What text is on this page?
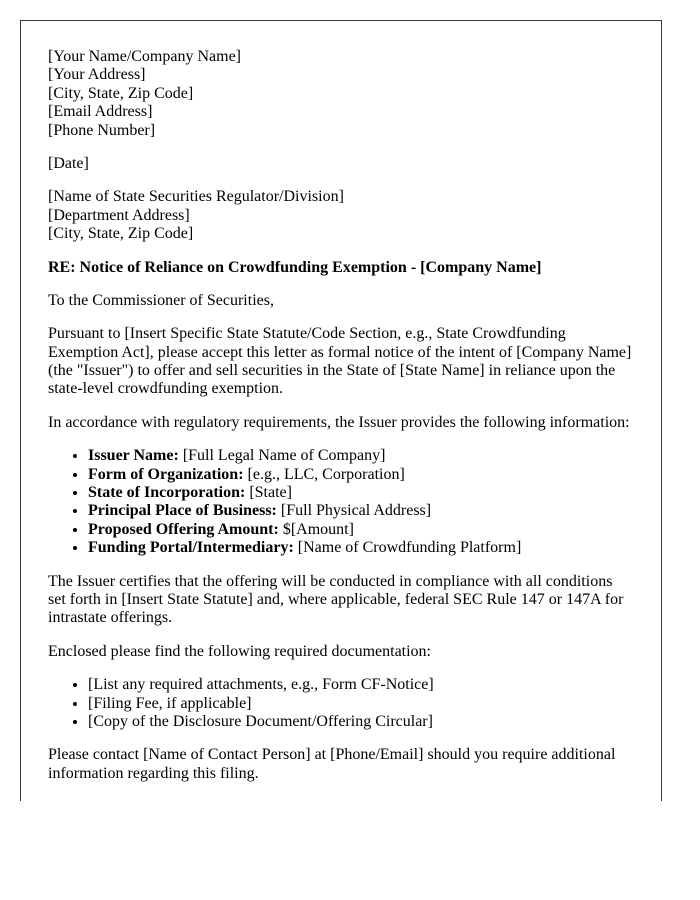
[Your Name/Company Name]
[Your Address]
[City, State, Zip Code]
[Email Address]
[Phone Number]

[Date]

[Name of State Securities Regulator/Division]
[Department Address]
[City, State, Zip Code]

RE: Notice of Reliance on Crowdfunding Exemption - [Company Name]

To the Commissioner of Securities,

Pursuant to [Insert Specific State Statute/Code Section, e.g., State Crowdfunding Exemption Act], please accept this letter as formal notice of the intent of [Company Name] (the "Issuer") to offer and sell securities in the State of [State Name] in reliance upon the state-level crowdfunding exemption.

In accordance with regulatory requirements, the Issuer provides the following information:

• Issuer Name: [Full Legal Name of Company]
• Form of Organization: [e.g., LLC, Corporation]
• State of Incorporation: [State]
• Principal Place of Business: [Full Physical Address]
• Proposed Offering Amount: $[Amount]
• Funding Portal/Intermediary: [Name of Crowdfunding Platform]

The Issuer certifies that the offering will be conducted in compliance with all conditions set forth in [Insert State Statute] and, where applicable, federal SEC Rule 147 or 147A for intrastate offerings.

Enclosed please find the following required documentation:

• [List any required attachments, e.g., Form CF-Notice]
• [Filing Fee, if applicable]
• [Copy of the Disclosure Document/Offering Circular]

Please contact [Name of Contact Person] at [Phone/Email] should you require additional information regarding this filing.
